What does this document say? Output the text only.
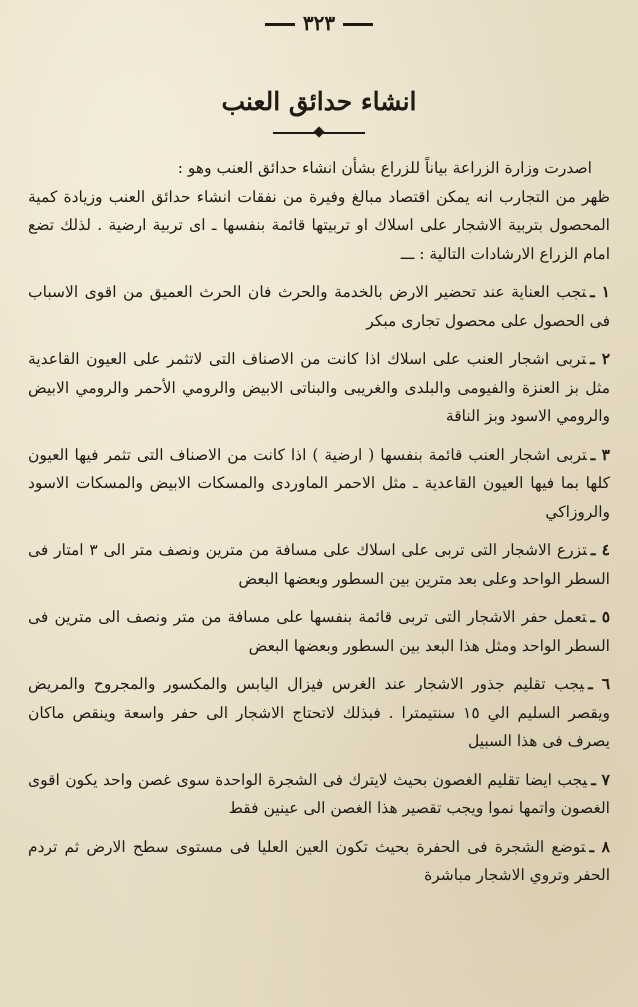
٣٢٣
انشاء حدائق العنب

اصدرت وزارة الزراعة بياناً للزراع بشأن انشاء حدائق العنب وهو :

ظهر من التجارب انه يمكن اقتصاد مبالغ وفيرة من نفقات انشاء حدائق العنب وزيادة كمية المحصول بتربية الاشجار على اسلاك او تربيتها قائمة بنفسها ـ اى تربية ارضية . لذلك تضع امام الزراع الارشادات التالية : ـــ

١ ـتجب العناية عند تحضير الارض بالخدمة والحرث فان الحرث العميق من اقوى الاسباب فى الحصول على محصول تجارى مبكر

٢ ـتربى اشجار العنب على اسلاك اذا كانت من الاصناف التى لاتثمر على العيون القاعدية مثل بز العنزة والفيومى والبلدى والغريبى والبناتى الابيض والرومي الأحمر والرومي الابيض والرومي الاسود وبز الناقة

٣ ـتربى اشجار العنب قائمة بنفسها ( ارضية ) اذا كانت من الاصناف التى تثمر فيها العيون كلها بما فيها العيون القاعدية ـ مثل الاحمر الماوردى والمسكات الابيض والمسكات الاسود والروزاكي

٤ ـتزرع الاشجار التى تربى على اسلاك على مسافة من مترين ونصف متر الى ٣ امتار فى السطر الواحد وعلى بعد مترين بين السطور وبعضها البعض

٥ ـتعمل حفر الاشجار التى تربى قائمة بنفسها على مسافة من متر ونصف الى مترين فى السطر الواحد ومثل هذا البعد بين السطور وبعضها البعض

٦ ـيجب تقليم جذور الاشجار عند الغرس فيزال اليابس والمكسور والمجروح والمريض ويقصر السليم الي ١٥ سنتيمترا . فبذلك لاتحتاج الاشجار الى حفر واسعة وينقص ماكان يصرف فى هذا السبيل

٧ ـيجب ايضا تقليم الغصون بحيث لايترك فى الشجرة الواحدة سوى غصن واحد يكون اقوى الغصون واتمها نموا ويجب تقصير هذا الغصن الى عينين فقط

٨ ـتوضع الشجرة فى الحفرة بحيث تكون العين العليا فى مستوى سطح الارض ثم تردم الحفر وتروي الاشجار مباشرة
